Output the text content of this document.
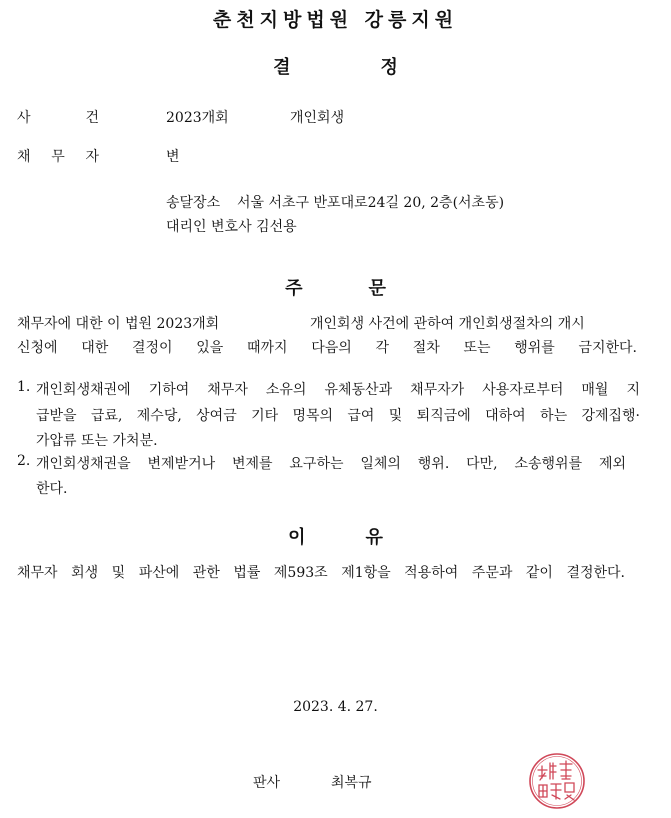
춘천지방법원 강릉지원
결	정
사	건	2023개회	개인회생
채 무 자	변
송달장소 서울 서초구 반포대로24길 20, 2층(서초동)
대리인 변호사 김선용
주	문
채무자에 대한 이 법원 2023개회	개인회생 사건에 관하여 개인회생절차의 개시
신청에 대한 결정이 있을 때까지 다음의 각 절차 또는 행위를 금지한다.
1. 개인회생채권에 기하여 채무자 소유의 유체동산과 채무자가 사용자로부터 매월 지
급받을 급료, 제수당, 상여금 기타 명목의 급여 및 퇴직금에 대하여 하는 강제집행·
가압류 또는 가처분.
2. 개인회생채권을 변제받거나 변제를 요구하는 일체의 행위. 다만, 소송행위를 제외
한다.
이	유
채무자 회생 및 파산에 관한 법률 제593조 제1항을 적용하여 주문과 같이 결정한다.
2023. 4. 27.
판사	최복규
